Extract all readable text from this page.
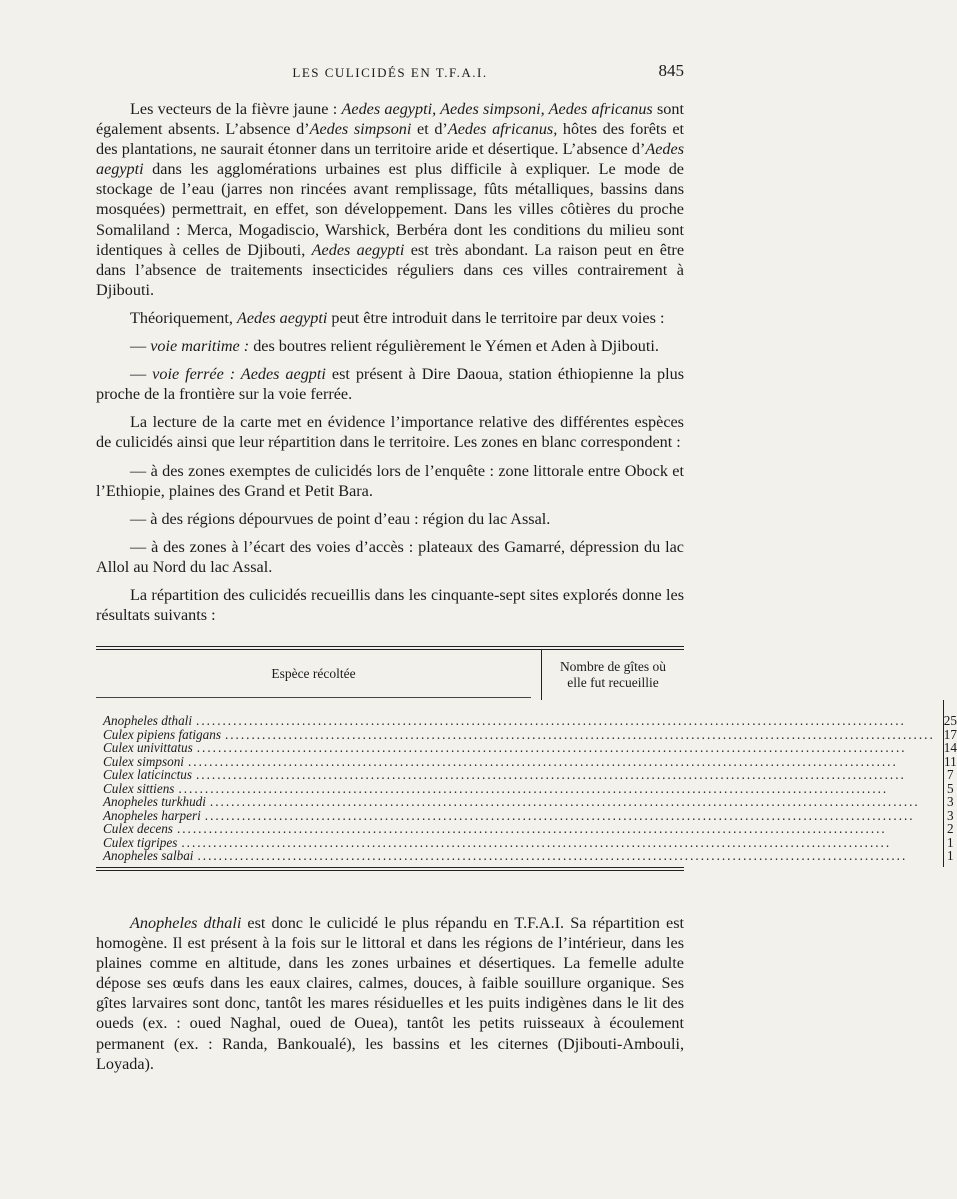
LES CULICIDÉS EN T.F.A.I.	845

Les vecteurs de la fièvre jaune : Aedes aegypti, Aedes simpsoni, Aedes africanus sont également absents. L’absence d’Aedes simpsoni et d’Aedes africanus, hôtes des forêts et des plantations, ne saurait étonner dans un territoire aride et désertique. L’absence d’Aedes aegypti dans les agglomérations urbaines est plus difficile à expliquer. Le mode de stockage de l’eau (jarres non rincées avant remplissage, fûts métalliques, bassins dans mosquées) permettrait, en effet, son développement. Dans les villes côtières du proche Somaliland : Merca, Mogadiscio, Warshick, Berbéra dont les conditions du milieu sont identiques à celles de Djibouti, Aedes aegypti est très abondant. La raison peut en être dans l’absence de traitements insecticides réguliers dans ces villes contrairement à Djibouti.

Théoriquement, Aedes aegypti peut être introduit dans le territoire par deux voies :

— voie maritime : des boutres relient régulièrement le Yémen et Aden à Djibouti.

— voie ferrée : Aedes aegpti est présent à Dire Daoua, station éthiopienne la plus proche de la frontière sur la voie ferrée.

La lecture de la carte met en évidence l’importance relative des différentes espèces de culicidés ainsi que leur répartition dans le territoire. Les zones en blanc correspondent :

— à des zones exemptes de culicidés lors de l’enquête : zone littorale entre Obock et l’Ethiopie, plaines des Grand et Petit Bara.

— à des régions dépourvues de point d’eau : région du lac Assal.

— à des zones à l’écart des voies d’accès : plateaux des Gamarré, dépression du lac Allol au Nord du lac Assal.

La répartition des culicidés recueillis dans les cinquante-sept sites explorés donne les résultats suivants :

Espèce récoltée	Nombre de gîtes où
elle fut recueillie
Anopheles dthali
.....
Culex pipiens fatigans
.....
Culex univittatus
.....
Culex simpsoni
.....
Culex laticinctus
.....
Culex sittiens
.....
Anopheles turkhudi
.....
Anopheles harperi
.....
Culex decens
.....
Culex tigripes
.....
Anopheles salbai
.....
25
17
14
11
7
5
3
3
2
1
1

Anopheles dthali est donc le culicidé le plus répandu en T.F.A.I. Sa répartition est homogène. Il est présent à la fois sur le littoral et dans les régions de l’intérieur, dans les plaines comme en altitude, dans les zones urbaines et désertiques. La femelle adulte dépose ses œufs dans les eaux claires, calmes, douces, à faible souillure organique. Ses gîtes larvaires sont donc, tantôt les mares résiduelles et les puits indigènes dans le lit des oueds (ex. : oued Naghal, oued de Ouea), tantôt les petits ruisseaux à écoulement permanent (ex. : Randa, Bankoualé), les bassins et les citernes (Djibouti-Ambouli, Loyada).
